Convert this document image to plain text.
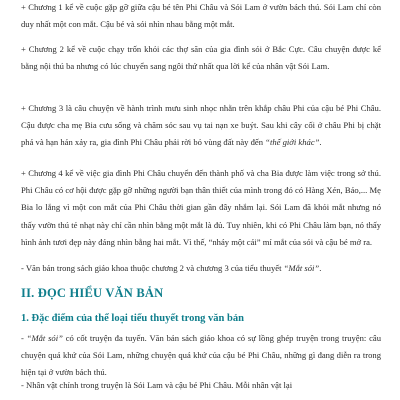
+ Chương 1 kể về cuộc gặp gỡ giữa cậu bé tên Phi Châu và Sói Lam ở vườn bách thú. Sói Lam chỉ còn duy nhất một con mắt. Cậu bé và sói nhìn nhau bằng một mắt.

+ Chương 2 kể về cuộc chạy trốn khỏi các thợ săn của gia đình sói ở Bắc Cực. Câu chuyện được kể bằng nội thú ba nhưng có lúc chuyển sang ngôi thứ nhất qua lời kể của nhân vật Sói Lam.

+ Chương 3 là câu chuyện về hành trình mưu sinh nhọc nhằn trên khắp châu Phi của cậu bé Phi Châu. Cậu được cha mẹ Bia cưu sống và chăm sóc sau vụ tai nạn xe buýt. Sau khi cây cối ở châu Phi bị chặt phá và hạn hán xảy ra, gia đình Phi Châu phải rời bỏ vùng đất này đến “thế giới khác”.

+ Chương 4 kể về việc gia đình Phi Châu chuyển đến thành phố và cha Bia được làm việc trong sở thú. Phi Châu có cơ hội được gặp gỡ những người bạn thân thiết của mình trong đó có Hàng Xén, Báo,... Mẹ Bia lo lắng vì một con mắt của Phi Châu thời gian gần đây nhắm lại. Sói Lam đã khỏi mắt nhưng nó thấy vườn thú tẻ nhạt này chỉ cần nhìn bằng một mắt là đủ. Tuy nhiên, khi có Phi Châu làm bạn, nó thấy hình ảnh tươi đẹp này đáng nhìn bằng hai mắt. Vì thế, “nháy một cái” mí mắt của sói và cậu bé mở ra.

- Văn bản trong sách giáo khoa thuộc chương 2 và chương 3 của tiểu thuyết “Mắt sói”.

II. ĐỌC HIỂU VĂN BẢN
1. Đặc điểm của thể loại tiểu thuyết trong văn bản

- “Mắt sói” có cốt truyện đa tuyến. Văn bản sách giáo khoa có sự lồng ghép truyện trong truyện: câu chuyện quá khứ của Sói Lam, những chuyện quá khứ của cậu bé Phi Châu, những gì đang diễn ra trong hiện tại ở vườn bách thú.

- Nhân vật chính trong truyện là Sói Lam và cậu bé Phi Châu. Mỗi nhân vật lại
